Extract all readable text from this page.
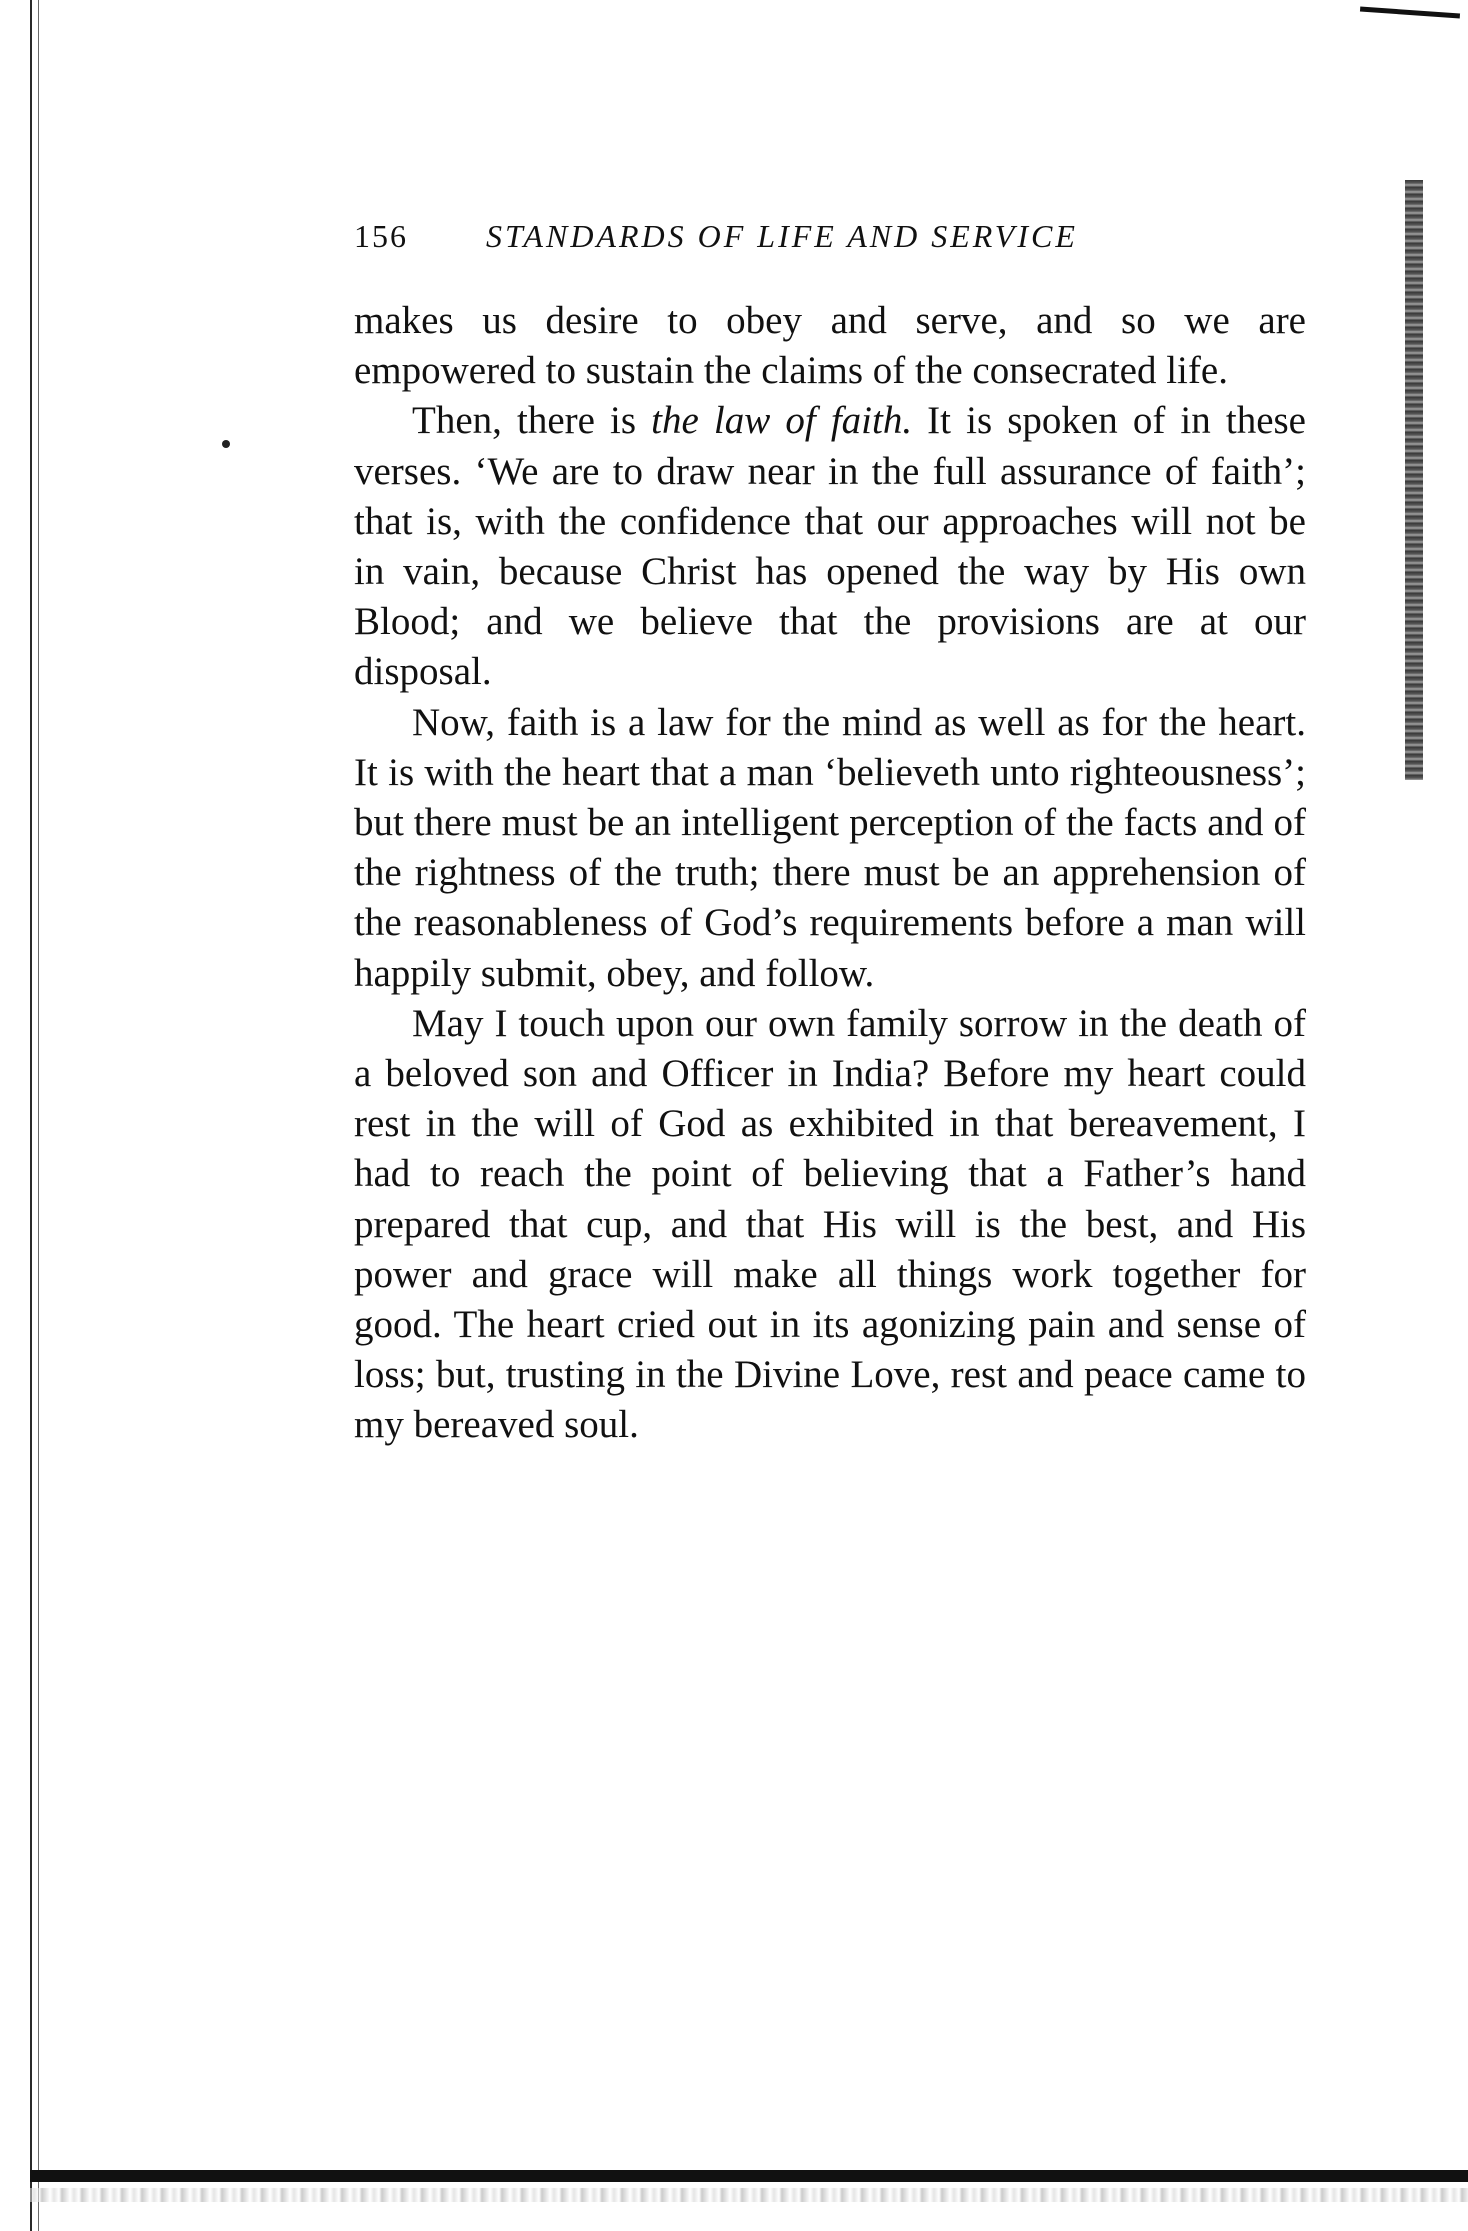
156 STANDARDS OF LIFE AND SERVICE

makes us desire to obey and serve, and so we are empowered to sustain the claims of the consecrated life.

Then, there is the law of faith. It is spoken of in these verses. ‘We are to draw near in the full assurance of faith’; that is, with the confidence that our approaches will not be in vain, because Christ has opened the way by His own Blood; and we believe that the provisions are at our disposal.

Now, faith is a law for the mind as well as for the heart. It is with the heart that a man ‘believeth unto righteousness’; but there must be an intelligent perception of the facts and of the rightness of the truth; there must be an apprehension of the reasonableness of God’s requirements before a man will happily submit, obey, and follow.

May I touch upon our own family sorrow in the death of a beloved son and Officer in India? Before my heart could rest in the will of God as exhibited in that bereavement, I had to reach the point of believing that a Father’s hand prepared that cup, and that His will is the best, and His power and grace will make all things work together for good. The heart cried out in its agonizing pain and sense of loss; but, trusting in the Divine Love, rest and peace came to my bereaved soul.
